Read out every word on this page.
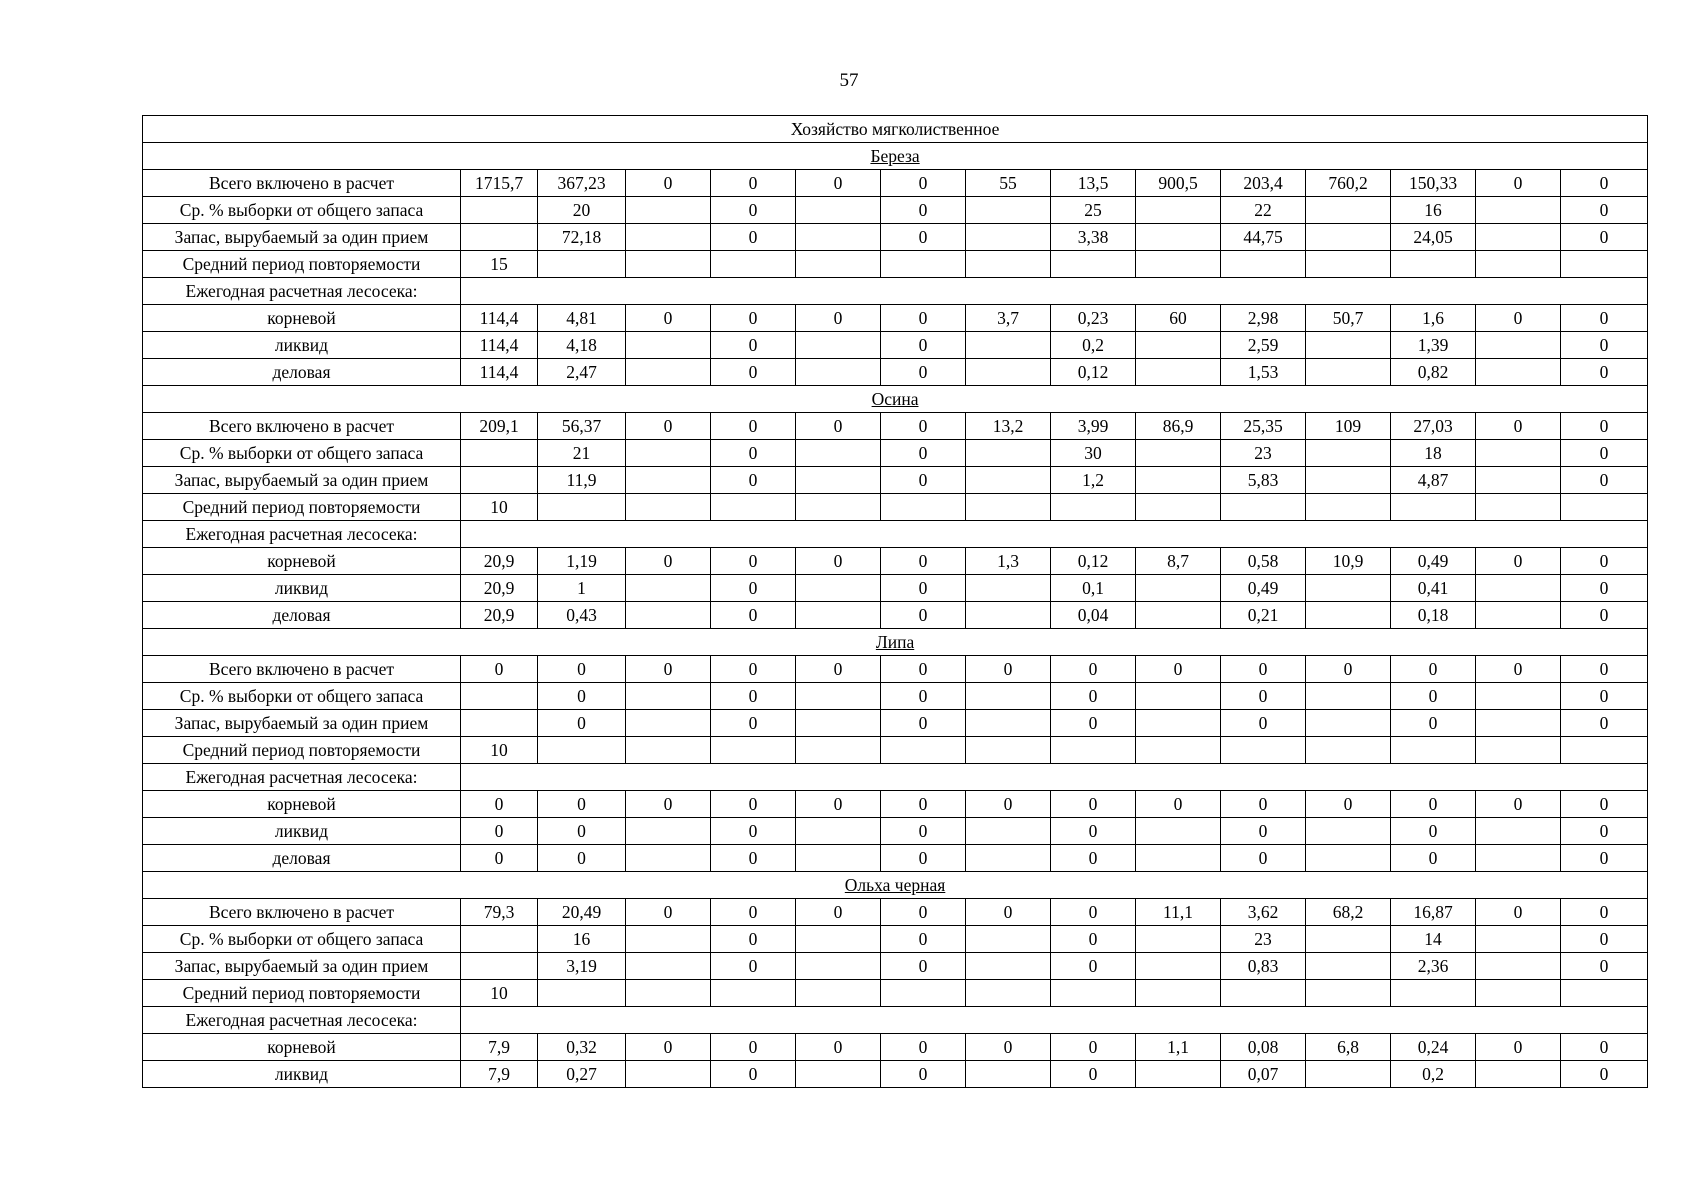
57
Хозяйство мягколиственное														
Береза														
Всего включено в расчет	1715,7	367,23	0	0	0	0	55	13,5	900,5	203,4	760,2	150,33	0	0
Ср. % выборки от общего запаса		20		0		0		25		22		16		0
Запас, вырубаемый за один прием		72,18		0		0		3,38		44,75		24,05		0
Средний период повторяемости	15													
Ежегодная расчетная лесосека:														
корневой	114,4	4,81	0	0	0	0	3,7	0,23	60	2,98	50,7	1,6	0	0
ликвид	114,4	4,18		0		0		0,2		2,59		1,39		0
деловая	114,4	2,47		0		0		0,12		1,53		0,82		0
Осина														
Всего включено в расчет	209,1	56,37	0	0	0	0	13,2	3,99	86,9	25,35	109	27,03	0	0
Ср. % выборки от общего запаса		21		0		0		30		23		18		0
Запас, вырубаемый за один прием		11,9		0		0		1,2		5,83		4,87		0
Средний период повторяемости	10													
Ежегодная расчетная лесосека:														
корневой	20,9	1,19	0	0	0	0	1,3	0,12	8,7	0,58	10,9	0,49	0	0
ликвид	20,9	1		0		0		0,1		0,49		0,41		0
деловая	20,9	0,43		0		0		0,04		0,21		0,18		0
Липа														
Всего включено в расчет	0	0	0	0	0	0	0	0	0	0	0	0	0	0
Ср. % выборки от общего запаса		0		0		0		0		0		0		0
Запас, вырубаемый за один прием		0		0		0		0		0		0		0
Средний период повторяемости	10													
Ежегодная расчетная лесосека:														
корневой	0	0	0	0	0	0	0	0	0	0	0	0	0	0
ликвид	0	0		0		0		0		0		0		0
деловая	0	0		0		0		0		0		0		0
Ольха черная														
Всего включено в расчет	79,3	20,49	0	0	0	0	0	0	11,1	3,62	68,2	16,87	0	0
Ср. % выборки от общего запаса		16		0		0		0		23		14		0
Запас, вырубаемый за один прием		3,19		0		0		0		0,83		2,36		0
Средний период повторяемости	10													
Ежегодная расчетная лесосека:														
корневой	7,9	0,32	0	0	0	0	0	0	1,1	0,08	6,8	0,24	0	0
ликвид	7,9	0,27		0		0		0		0,07		0,2		0
